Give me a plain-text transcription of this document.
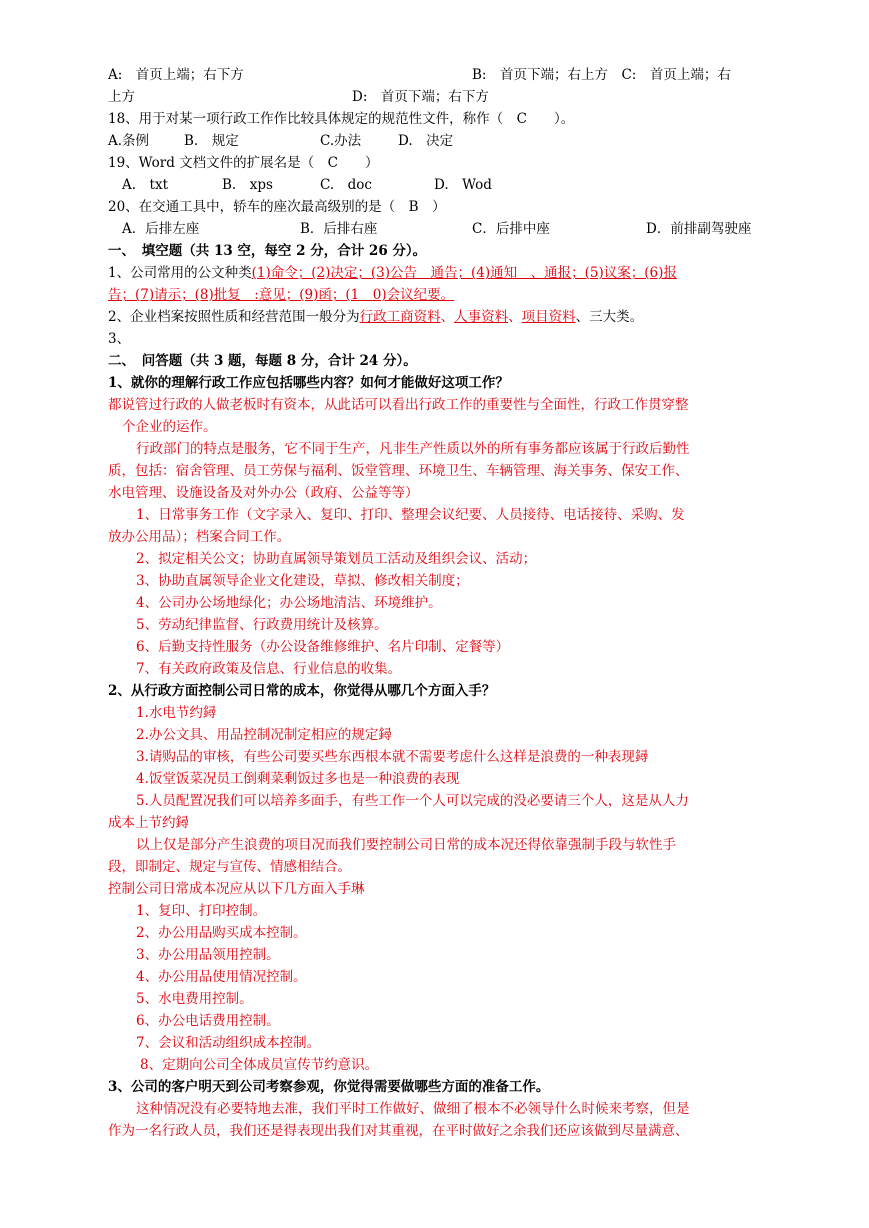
A:　首页上端；右下方	B:　首页下端；右上方　C:　首页上端；右
上方	D:　首页下端；右下方
18、用于对某一项行政工作作比较具体规定的规范性文件，称作（　C　　）。
A.条例	B.　规定	C.办法	D.　决定
19、Word 文档文件的扩展名是（　C　　）
A.　txt	B.　xps	C.　doc	D.　Wod
20、在交通工具中，轿车的座次最高级别的是（　B　）
A．后排左座	B．后排右座	C．后排中座	D．前排副驾驶座
一、　填空题（共 13 空，每空 2 分，合计 26 分）。
1、公司常用的公文种类(1)命令；(2)决定；(3)公告　通告；(4)通知　、通报；(5)议案；(6)报
告；(7)请示；(8)批复　:意见；(9)函；(1　0)会议纪要。
2、企业档案按照性质和经营范围一般分为行政工商资料、人事资料、项目资料、三大类。
3、
二、　问答题（共 3 题，每题 8 分，合计 24 分）。
1、就你的理解行政工作应包括哪些内容？如何才能做好这项工作？
都说管过行政的人做老板时有资本，从此话可以看出行政工作的重要性与全面性，行政工作贯穿整
个企业的运作。
行政部门的特点是服务，它不同于生产，凡非生产性质以外的所有事务都应该属于行政后勤性
质，包括：宿舍管理、员工劳保与福利、饭堂管理、环境卫生、车辆管理、海关事务、保安工作、
水电管理、设施设备及对外办公（政府、公益等等）
1、日常事务工作（文字录入、复印、打印、整理会议纪要、人员接待、电话接待、采购、发
放办公用品）；档案合同工作。
2、拟定相关公文；协助直属领导策划员工活动及组织会议、活动；
3、协助直属领导企业文化建设，草拟、修改相关制度；
4、公司办公场地绿化；办公场地清洁、环境维护。
5、劳动纪律监督、行政费用统计及核算。
6、后勤支持性服务（办公设备维修维护、名片印制、定餐等）
7、有关政府政策及信息、行业信息的收集。
2、从行政方面控制公司日常的成本，你觉得从哪几个方面入手？
1.水电节约鐞
2.办公文具、用品控制况制定相应的规定鐞
3.请购品的审核，有些公司要买些东西根本就不需要考虑什么这样是浪费的一种表现鐞
4.饭堂饭菜况员工倒剩菜剩饭过多也是一种浪费的表现
5.人员配置况我们可以培养多面手，有些工作一个人可以完成的没必要请三个人，这是从人力
成本上节约鐞
以上仅是部分产生浪费的项目况而我们要控制公司日常的成本况还得依靠强制手段与软性手
段，即制定、规定与宣传、情感相结合。
控制公司日常成本况应从以下几方面入手琳
1、复印、打印控制。
2、办公用品购买成本控制。
3、办公用品领用控制。
4、办公用品使用情况控制。
5、水电费用控制。
6、办公电话费用控制。
7、会议和活动组织成本控制。
8、定期向公司全体成员宣传节约意识。
3、公司的客户明天到公司考察参观，你觉得需要做哪些方面的准备工作。
这种情况没有必要特地去准，我们平时工作做好、做细了根本不必领导什么时候来考察，但是
作为一名行政人员，我们还是得表现出我们对其重视，在平时做好之余我们还应该做到尽量满意、
